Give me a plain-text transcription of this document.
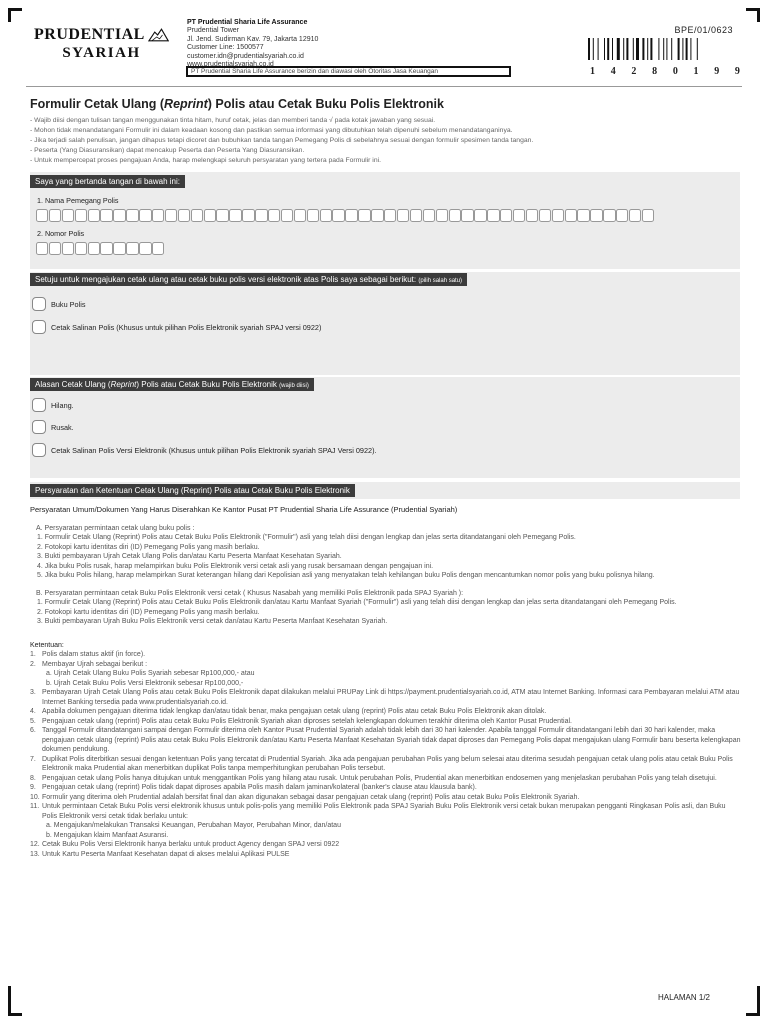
PRUDENTIAL
SYARIAH
PT Prudential Sharia Life Assurance
Prudential Tower
Jl. Jend. Sudirman Kav. 79, Jakarta 12910
Customer Line: 1500577
customer.idn@prudentialsyariah.co.id
www.prudentialsyariah.co.id
PT Prudential Sharia Life Assurance berizin dan diawasi oleh Otoritas Jasa Keuangan
BPE/01/0623
1 4 2 8 0 1 9 9
Formulir Cetak Ulang (Reprint) Polis atau Cetak Buku Polis Elektronik
- Wajib diisi dengan tulisan tangan menggunakan tinta hitam, huruf cetak, jelas dan memberi tanda √ pada kotak jawaban yang sesuai.
- Mohon tidak menandatangani Formulir ini dalam keadaan kosong dan pastikan semua informasi yang dibutuhkan telah dipenuhi sebelum menandatanganinya.
- Jika terjadi salah penulisan, jangan dihapus tetapi dicoret dan bubuhkan tanda tangan Pemegang Polis di sebelahnya sesuai dengan formulir spesimen tanda tangan.
- Peserta (Yang Diasuransikan) dapat mencakup Peserta dan Peserta Yang Diasuransikan.
- Untuk mempercepat proses pengajuan Anda, harap melengkapi seluruh persyaratan yang tertera pada Formulir ini.
Saya yang bertanda tangan di bawah ini:
1. Nama Pemegang Polis
2. Nomor Polis
Setuju untuk mengajukan cetak ulang atau cetak buku polis versi elektronik atas Polis saya sebagai berikut: (pilih salah satu)
Buku Polis
Cetak Salinan Polis (Khusus untuk pilihan Polis Elektronik syariah SPAJ versi 0922)
Alasan Cetak Ulang (Reprint) Polis atau Cetak Buku Polis Elektronik (wajib diisi)
Hilang.
Rusak.
Cetak Salinan Polis Versi Elektronik (Khusus untuk pilihan Polis Elektronik syariah SPAJ Versi 0922).
Persyaratan dan Ketentuan Cetak Ulang (Reprint) Polis atau Cetak Buku Polis Elektronik
Persyaratan Umum/Dokumen Yang Harus Diserahkan Ke Kantor Pusat PT Prudential Sharia Life Assurance (Prudential Syariah)
A. Persyaratan permintaan cetak ulang buku polis :
1. Formulir Cetak Ulang (Reprint) Polis atau Cetak Buku Polis Elektronik ("Formulir") asli yang telah diisi dengan lengkap dan jelas serta ditandatangani oleh Pemegang Polis.
2. Fotokopi kartu identitas diri (ID) Pemegang Polis yang masih berlaku.
3. Bukti pembayaran Ujrah Cetak Ulang Polis dan/atau Kartu Peserta Manfaat Kesehatan Syariah.
4. Jika buku Polis rusak, harap melampirkan buku Polis Elektronik versi cetak asli yang rusak bersamaan dengan pengajuan ini.
5. Jika buku Polis hilang, harap melampirkan Surat keterangan hilang dari Kepolisian asli yang menyatakan telah kehilangan buku Polis dengan mencantumkan nomor polis yang buku polisnya hilang.
B. Persyaratan permintaan cetak Buku Polis Elektronik versi cetak ( Khusus Nasabah yang memiliki Polis Elektronik pada SPAJ Syariah ):
1. Formulir Cetak Ulang (Reprint) Polis atau Cetak Buku Polis Elektronik dan/atau Kartu Manfaat Syariah ("Formulir") asli yang telah diisi dengan lengkap dan jelas serta ditandatangani oleh Pemegang Polis.
2. Fotokopi kartu identitas diri (ID) Pemegang Polis yang masih berlaku.
3. Bukti pembayaran Ujrah Buku Polis Elektronik versi cetak dan/atau Kartu Peserta Manfaat Kesehatan Syariah.
Ketentuan:
1. Polis dalam status aktif (in force).
2. Membayar Ujrah sebagai berikut :
a. Ujrah Cetak Ulang Buku Polis Syariah sebesar Rp100,000,- atau
b. Ujrah Cetak Buku Polis Versi Elektronik sebesar Rp100,000,-
3. Pembayaran Ujrah Cetak Ulang Polis atau cetak Buku Polis Elektronik dapat dilakukan melalui PRUPay Link di https://payment.prudentialsyariah.co.id, ATM atau Internet Banking. Informasi cara Pembayaran melalui ATM atau Internet Banking tersedia pada www.prudentialsyariah.co.id.
4. Apabila dokumen pengajuan diterima tidak lengkap dan/atau tidak benar, maka pengajuan cetak ulang (reprint) Polis atau cetak Buku Polis Elektronik akan ditolak.
5. Pengajuan cetak ulang (reprint) Polis atau cetak Buku Polis Elektronik Syariah akan diproses setelah kelengkapan dokumen terakhir diterima oleh Kantor Pusat Prudential.
6. Tanggal Formulir ditandatangani sampai dengan Formulir diterima oleh Kantor Pusat Prudential Syariah adalah tidak lebih dari 30 hari kalender. Apabila tanggal Formulir ditandatangani lebih dari 30 hari kalender, maka pengajuan cetak ulang (reprint) Polis atau cetak Buku Polis Elektronik dan/atau Kartu Peserta Manfaat Kesehatan Syariah tidak dapat diproses dan Pemegang Polis dapat mengajukan ulang Formulir baru beserta kelengkapan dokumen pendukung.
7. Duplikat Polis diterbitkan sesuai dengan ketentuan Polis yang tercatat di Prudential Syariah. Jika ada pengajuan perubahan Polis yang belum selesai atau diterima sesudah pengajuan cetak ulang polis atau cetak Buku Polis Elektronik maka Prudential akan menerbitkan duplikat Polis tanpa memperhitungkan perubahan Polis tersebut.
8. Pengajuan cetak ulang Polis hanya ditujukan untuk menggantikan Polis yang hilang atau rusak. Untuk perubahan Polis, Prudential akan menerbitkan endosemen yang menjelaskan perubahan Polis yang telah disetujui.
9. Pengajuan cetak ulang (reprint) Polis tidak dapat diproses apabila Polis masih dalam jaminan/kolateral (banker's clause atau klausula bank).
10. Formulir yang diterima oleh Prudential adalah bersifat final dan akan digunakan sebagai dasar pengajuan cetak ulang (reprint) Polis atau cetak Buku Polis Elektronik Syariah.
11. Untuk permintaan Cetak Buku Polis versi elektronik khusus untuk polis-polis yang memiliki Polis Elektronik pada SPAJ Syariah Buku Polis Elektronik versi cetak bukan merupakan pengganti Ringkasan Polis asli, dan Buku Polis Elektronik versi cetak tidak berlaku untuk:
a. Mengajukan/melakukan Transaksi Keuangan, Perubahan Mayor, Perubahan Minor, dan/atau
b. Mengajukan klaim Manfaat Asuransi.
12. Cetak Buku Polis Versi Elektronik hanya berlaku untuk product Agency dengan SPAJ versi 0922
13. Untuk Kartu Peserta Manfaat Kesehatan dapat di akses melalui Aplikasi PULSE
HALAMAN 1/2
